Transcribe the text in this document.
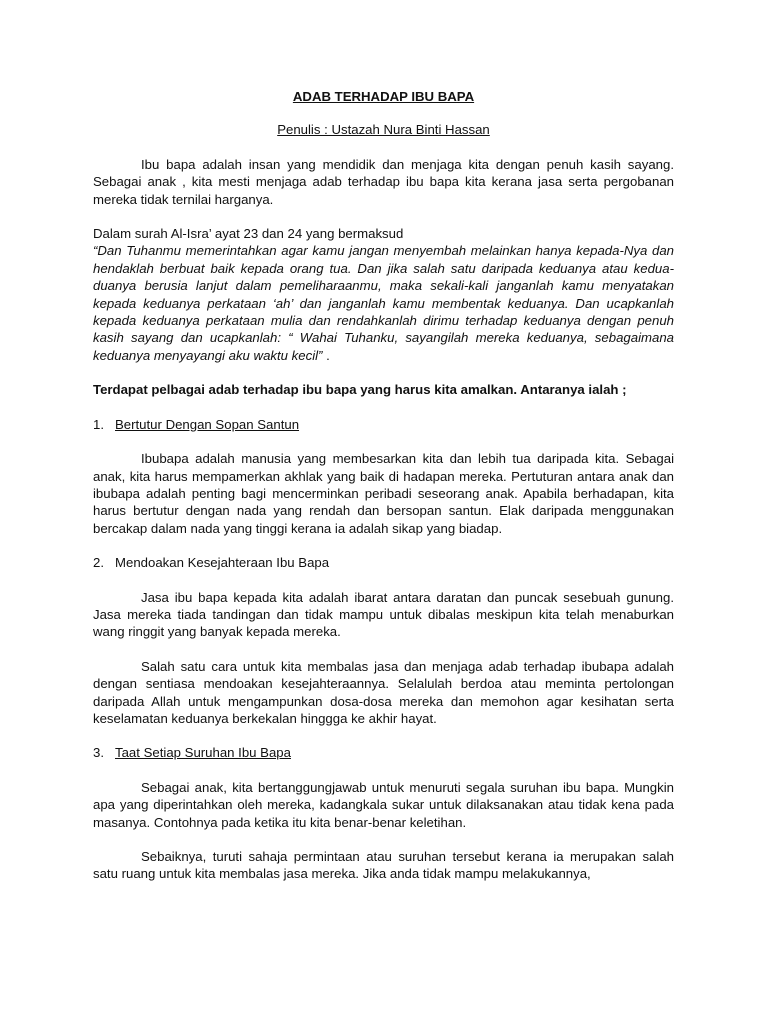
ADAB TERHADAP IBU BAPA
Penulis : Ustazah Nura Binti Hassan

Ibu bapa adalah insan yang mendidik dan menjaga kita dengan penuh kasih sayang. Sebagai anak , kita mesti menjaga adab terhadap ibu bapa kita kerana jasa serta pergobanan mereka tidak ternilai harganya.

Dalam surah Al-Isra’ ayat 23 dan 24 yang bermaksud
“Dan Tuhanmu memerintahkan agar kamu jangan menyembah melainkan hanya kepada-Nya dan hendaklah berbuat baik kepada orang tua. Dan jika salah satu daripada keduanya atau kedua-duanya berusia lanjut dalam pemeliharaanmu, maka sekali-kali janganlah kamu menyatakan kepada keduanya perkataan ‘ah’ dan janganlah kamu membentak keduanya. Dan ucapkanlah kepada keduanya perkataan mulia dan rendahkanlah dirimu terhadap keduanya dengan penuh kasih sayang dan ucapkanlah: “ Wahai Tuhanku, sayangilah mereka keduanya, sebagaimana keduanya menyayangi aku waktu kecil” .

Terdapat pelbagai adab terhadap ibu bapa yang harus kita amalkan. Antaranya ialah ;

1. Bertutur Dengan Sopan Santun

Ibubapa adalah manusia yang membesarkan kita dan lebih tua daripada kita. Sebagai anak, kita harus mempamerkan akhlak yang baik di hadapan mereka. Pertuturan antara anak dan ibubapa adalah penting bagi mencerminkan peribadi seseorang anak. Apabila berhadapan, kita harus bertutur dengan nada yang rendah dan bersopan santun. Elak daripada menggunakan bercakap dalam nada yang tinggi kerana ia adalah sikap yang biadap.

2. Mendoakan Kesejahteraan Ibu Bapa

Jasa ibu bapa kepada kita adalah ibarat antara daratan dan puncak sesebuah gunung. Jasa mereka tiada tandingan dan tidak mampu untuk dibalas meskipun kita telah menaburkan wang ringgit yang banyak kepada mereka.

Salah satu cara untuk kita membalas jasa dan menjaga adab terhadap ibubapa adalah dengan sentiasa mendoakan kesejahteraannya. Selalulah berdoa atau meminta pertolongan daripada Allah untuk mengampunkan dosa-dosa mereka dan memohon agar kesihatan serta keselamatan keduanya berkekalan hinggga ke akhir hayat.

3. Taat Setiap Suruhan Ibu Bapa

Sebagai anak, kita bertanggungjawab untuk menuruti segala suruhan ibu bapa. Mungkin apa yang diperintahkan oleh mereka, kadangkala sukar untuk dilaksanakan atau tidak kena pada masanya. Contohnya pada ketika itu kita benar-benar keletihan.

Sebaiknya, turuti sahaja permintaan atau suruhan tersebut kerana ia merupakan salah satu ruang untuk kita membalas jasa mereka. Jika anda tidak mampu melakukannya,
